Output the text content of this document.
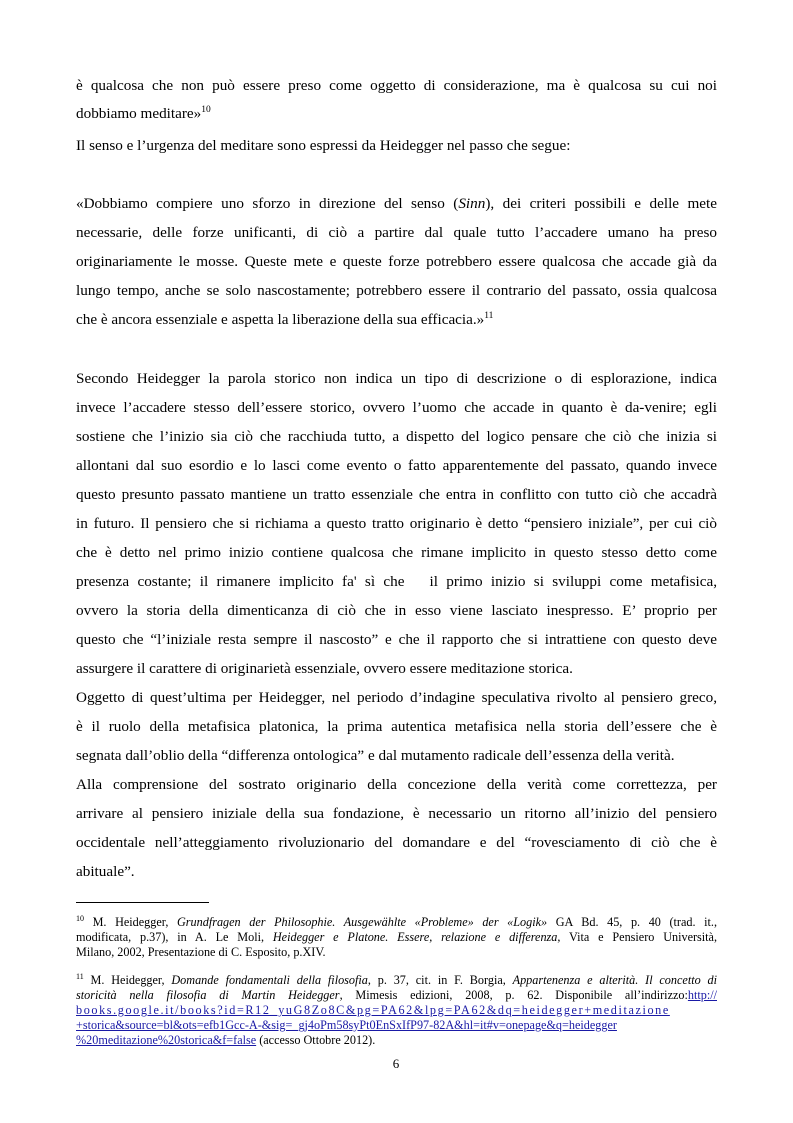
è qualcosa che non può essere preso come oggetto di considerazione, ma è qualcosa su cui noi
dobbiamo meditare»$^{10}$
Il senso e l’urgenza del meditare sono espressi da Heidegger nel passo che segue:
«Dobbiamo compiere uno sforzo in direzione del senso (Sinn), dei criteri possibili e delle mete
necessarie, delle forze unificanti, di ciò a partire dal quale tutto l’accadere umano ha preso
originariamente le mosse. Queste mete e queste forze potrebbero essere qualcosa che accade già da
lungo tempo, anche se solo nascostamente; potrebbero essere il contrario del passato, ossia qualcosa
che è ancora essenziale e aspetta la liberazione della sua efficacia.»$^{11}$
Secondo Heidegger la parola storico non indica un tipo di descrizione o di esplorazione, indica
invece l’accadere stesso dell’essere storico, ovvero l’uomo che accade in quanto è da-venire; egli
sostiene che l’inizio sia ciò che racchiuda tutto, a dispetto del logico pensare che ciò che inizia si
allontani dal suo esordio e lo lasci come evento o fatto apparentemente del passato, quando invece
questo presunto passato mantiene un tratto essenziale che entra in conflitto con tutto ciò che accadrà
in futuro. Il pensiero che si richiama a questo tratto originario è detto “pensiero iniziale”, per cui ciò
che è detto nel primo inizio contiene qualcosa che rimane implicito in questo stesso detto come
presenza costante; il rimanere implicito fa' sì che   il primo inizio si sviluppi come metafisica,
ovvero la storia della dimenticanza di ciò che in esso viene lasciato inespresso. E’ proprio per
questo che “l’iniziale resta sempre il nascosto” e che il rapporto che si intrattiene con questo deve
assurgere il carattere di originarietà essenziale, ovvero essere meditazione storica.
Oggetto di quest’ultima per Heidegger, nel periodo d’indagine speculativa rivolto al pensiero greco,
è il ruolo della metafisica platonica, la prima autentica metafisica nella storia dell’essere che è
segnata dall’oblio della “differenza ontologica” e dal mutamento radicale dell’essenza della verità.
Alla comprensione del sostrato originario della concezione della verità come correttezza, per
arrivare al pensiero iniziale della sua fondazione, è necessario un ritorno all’inizio del pensiero
occidentale nell’atteggiamento rivoluzionario del domandare e del “rovesciamento di ciò che è
abituale”.
$^{10}$ M. Heidegger, Grundfragen der Philosophie. Ausgewählte «Probleme» der «Logik» GA Bd. 45, p. 40 (trad. it.,
modificata, p.37), in A. Le Moli, Heidegger e Platone. Essere, relazione e differenza, Vita e Pensiero Università,
Milano, 2002, Presentazione di C. Esposito, p.XIV.
$^{11}$ M. Heidegger, Domande fondamentali della filosofia, p. 37, cit. in F. Borgia, Appartenenza e alterità. Il concetto di
storicità nella filosofia di Martin Heidegger, Mimesis edizioni, 2008, p. 62. Disponibile all’indirizzo:http://
books.google.it/books?id=R12_yuG8Zo8C&pg=PA62&lpg=PA62&dq=heidegger+meditazione
+storica&source=bl&ots=efb1Gcc-A-&sig=_gj4oPm58syPt0EnSxIfP97-82A&hl=it#v=onepage&q=heidegger
%20meditazione%20storica&f=false (accesso Ottobre 2012).
6
